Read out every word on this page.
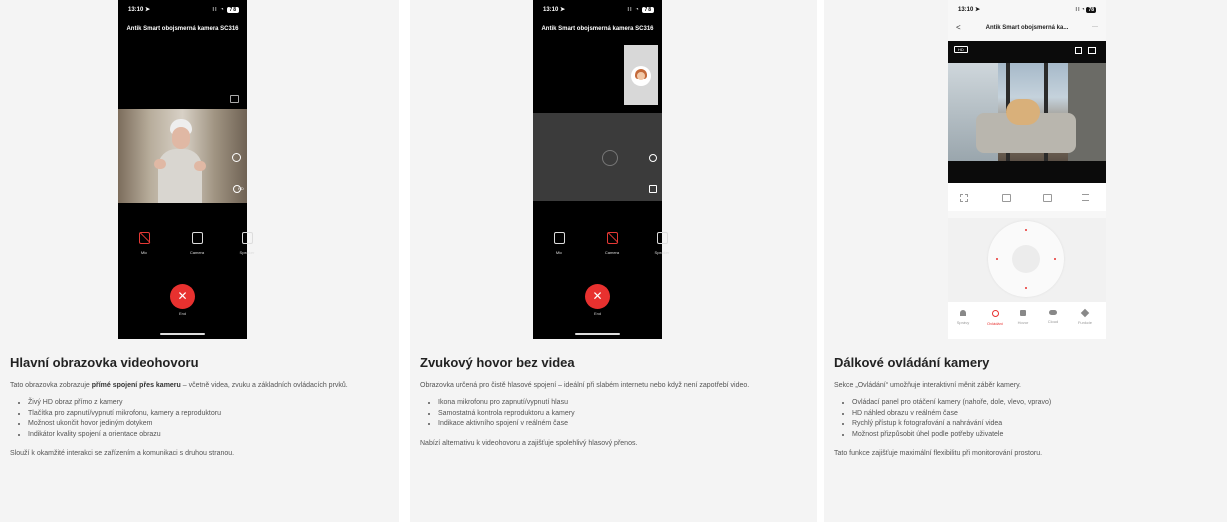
13:10 ➤	∷ ◔ 78
Antik Smart obojsmerná kamera SC316
HD
Mic	Camera	Speaker
✕
End
Hlavní obrazovka videohovoru

Tato obrazovka zobrazuje přímé spojení přes kameru – včetně videa, zvuku a základních ovládacích prvků.

• Živý HD obraz přímo z kamery
• Tlačítka pro zapnutí/vypnutí mikrofonu, kamery a reproduktoru
• Možnost ukončit hovor jediným dotykem
• Indikátor kvality spojení a orientace obrazu

Slouží k okamžité interakci se zařízením a komunikaci s druhou stranou.

13:10 ➤	∷ ◔ 78
Antik Smart obojsmerná kamera SC316
Mic	Camera	Speaker
✕
End
Zvukový hovor bez videa

Obrazovka určená pro čistě hlasové spojení – ideální při slabém internetu nebo když není zapotřebí video.

• Ikona mikrofonu pro zapnutí/vypnutí hlasu
• Samostatná kontrola reproduktoru a kamery
• Indikace aktivního spojení v reálném čase

Nabízí alternativu k videohovoru a zajišťuje spolehlivý hlasový přenos.

13:10 ➤	∷ ◔ 78
<	Antik Smart obojsmerná ka...	···
HD
Správy	Ovládání	Hovor	Cloud	Funkcie
Dálkové ovládání kamery

Sekce „Ovládání“ umožňuje interaktivní měnit záběr kamery.

• Ovládací panel pro otáčení kamery (nahoře, dole, vlevo, vpravo)
• HD náhled obrazu v reálném čase
• Rychlý přístup k fotografování a nahrávání videa
• Možnost přizpůsobit úhel podle potřeby uživatele

Tato funkce zajišťuje maximální flexibilitu při monitorování prostoru.
